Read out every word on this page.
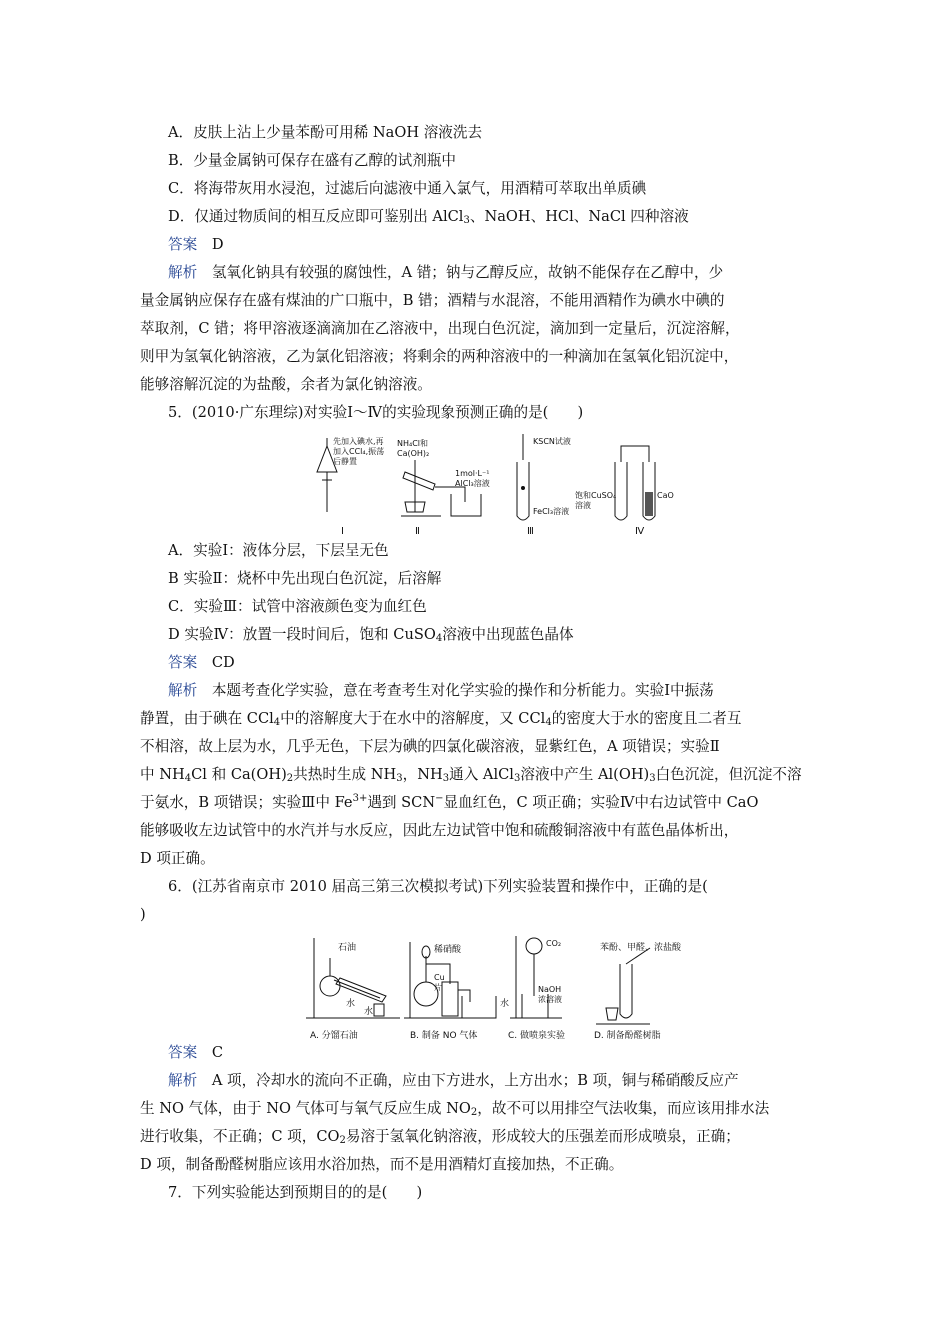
A．皮肤上沾上少量苯酚可用稀 NaOH 溶液洗去
B．少量金属钠可保存在盛有乙醇的试剂瓶中
C．将海带灰用水浸泡，过滤后向滤液中通入氯气，用酒精可萃取出单质碘
D．仅通过物质间的相互反应即可鉴别出 AlCl$_3$、NaOH、HCl、NaCl 四种溶液
答案　 D
解析　 氢氧化钠具有较强的腐蚀性，A 错；钠与乙醇反应，故钠不能保存在乙醇中，少
量金属钠应保存在盛有煤油的广口瓶中，B 错；酒精与水混溶，不能用酒精作为碘水中碘的
萃取剂，C 错；将甲溶液逐滴滴加在乙溶液中，出现白色沉淀，滴加到一定量后，沉淀溶解，
则甲为氢氧化钠溶液，乙为氯化铝溶液；将剩余的两种溶液中的一种滴加在氢氧化铝沉淀中，
能够溶解沉淀的为盐酸，余者为氯化钠溶液。
5．(2010·广东理综)对实验Ⅰ～Ⅳ的实验现象预测正确的是(　　)
先加入碘水,再
加入CCl₄,振荡
后静置
Ⅰ
NH₄Cl和
Ca(OH)₂
1mol·L⁻¹
AlCl₃溶液
Ⅱ
KSCN试液
FeCl₃溶液
Ⅲ
饱和CuSO₄
溶液
CaO
Ⅳ
A．实验Ⅰ：液体分层，下层呈无色
B 实验Ⅱ：烧杯中先出现白色沉淀，后溶解
C．实验Ⅲ：试管中溶液颜色变为血红色
D 实验Ⅳ：放置一段时间后，饱和 CuSO$_4$溶液中出现蓝色晶体
答案　 CD
解析　 本题考查化学实验，意在考查考生对化学实验的操作和分析能力。实验Ⅰ中振荡
静置，由于碘在 CCl$_4$中的溶解度大于在水中的溶解度，又 CCl$_4$的密度大于水的密度且二者互
不相溶，故上层为水，几乎无色，下层为碘的四氯化碳溶液，显紫红色，A 项错误；实验Ⅱ
中 $NH_4Cl$ 和 $Ca(OH)_2$共热时生成 $NH_3$，$NH_3$通入 AlCl$_3$溶液中产生 $Al(OH)_3$白色沉淀，但沉淀不溶
于氨水，B 项错误；实验Ⅲ中 $Fe^{3+}$遇到 SCN−显血红色，C 项正确；实验Ⅳ中右边试管中 CaO
能够吸收左边试管中的水汽并与水反应，因此左边试管中饱和硫酸铜溶液中有蓝色晶体析出，
D 项正确。
6．(江苏省南京市 2010 届高三第三次模拟考试)下列实验装置和操作中，正确的是(
)
石油
水
水
A. 分馏石油
稀硝酸
Cu
片
水
B. 制备 NO 气体
CO₂
NaOH
浓溶液
C. 做喷泉实验
苯酚、甲醛、浓盐酸
D. 制备酚醛树脂
答案　 C
解析　 A 项，冷却水的流向不正确，应由下方进水，上方出水；B 项，铜与稀硝酸反应产
生 NO 气体，由于 NO 气体可与氧气反应生成 $NO_2$，故不可以用排空气法收集，而应该用排水法
进行收集，不正确；C 项，$CO_2$易溶于氢氧化钠溶液，形成较大的压强差而形成喷泉，正确；
D 项，制备酚醛树脂应该用水浴加热，而不是用酒精灯直接加热，不正确。
7．下列实验能达到预期目的的是(　　)
